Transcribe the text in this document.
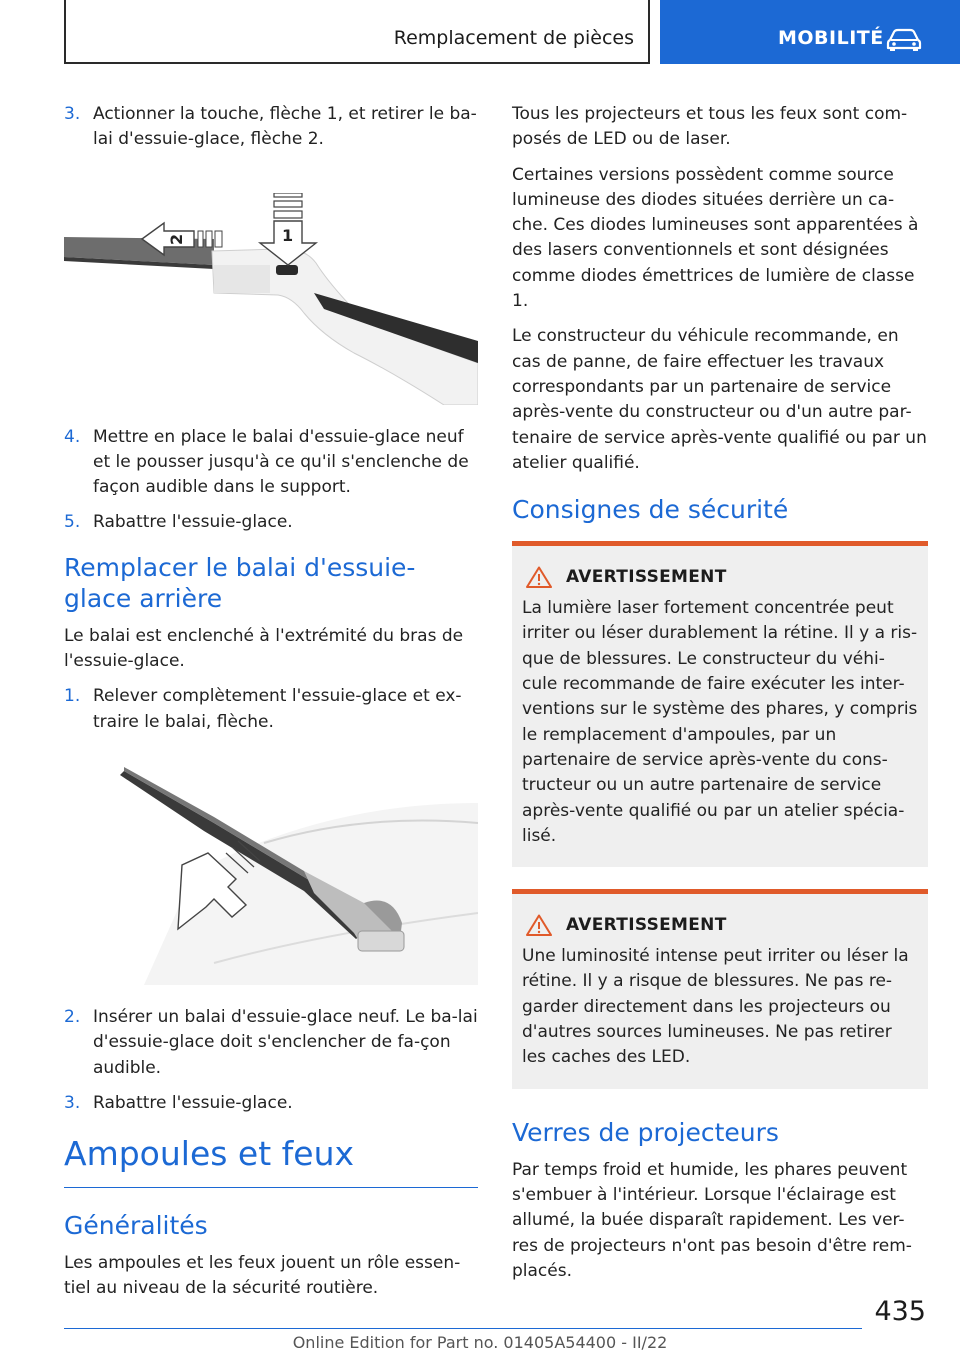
Remplacement de pièces	MOBILITÉ
3. Actionner la touche, flèche 1, et retirer le ba-lai d'essuie-glace, flèche 2.
1
2
4. Mettre en place le balai d'essuie-glace neuf et le pousser jusqu'à ce qu'il s'enclenche de façon audible dans le support.
5. Rabattre l'essuie-glace.
Remplacer le balai d'essuie-glace arrière

Le balai est enclenché à l'extrémité du bras de l'essuie-glace.

1. Relever complètement l'essuie-glace et ex-traire le balai, flèche.
2. Insérer un balai d'essuie-glace neuf. Le ba-lai d'essuie-glace doit s'enclencher de fa-çon audible.
3. Rabattre l'essuie-glace.
Ampoules et feux
Généralités

Les ampoules et les feux jouent un rôle essen-tiel au niveau de la sécurité routière.

Tous les projecteurs et tous les feux sont com-posés de LED ou de laser.

Certaines versions possèdent comme source lumineuse des diodes situées derrière un ca-che. Ces diodes lumineuses sont apparentées à des lasers conventionnels et sont désignées comme diodes émettrices de lumière de classe 1.

Le constructeur du véhicule recommande, en cas de panne, de faire effectuer les travaux correspondants par un partenaire de service après-vente du constructeur ou d'un autre par-tenaire de service après-vente qualifié ou par un atelier qualifié.

Consignes de sécurité
AVERTISSEMENT

La lumière laser fortement concentrée peut irriter ou léser durablement la rétine. Il y a ris-que de blessures. Le constructeur du véhi-cule recommande de faire exécuter les inter-ventions sur le système des phares, y compris le remplacement d'ampoules, par un partenaire de service après-vente du cons-tructeur ou un autre partenaire de service après-vente qualifié ou par un atelier spécia-lisé.

AVERTISSEMENT

Une luminosité intense peut irriter ou léser la rétine. Il y a risque de blessures. Ne pas re-garder directement dans les projecteurs ou d'autres sources lumineuses. Ne pas retirer les caches des LED.

Verres de projecteurs

Par temps froid et humide, les phares peuvent s'embuer à l'intérieur. Lorsque l'éclairage est allumé, la buée disparaît rapidement. Les ver-res de projecteurs n'ont pas besoin d'être rem-placés.

435
Online Edition for Part no. 01405A54400 - II/22
